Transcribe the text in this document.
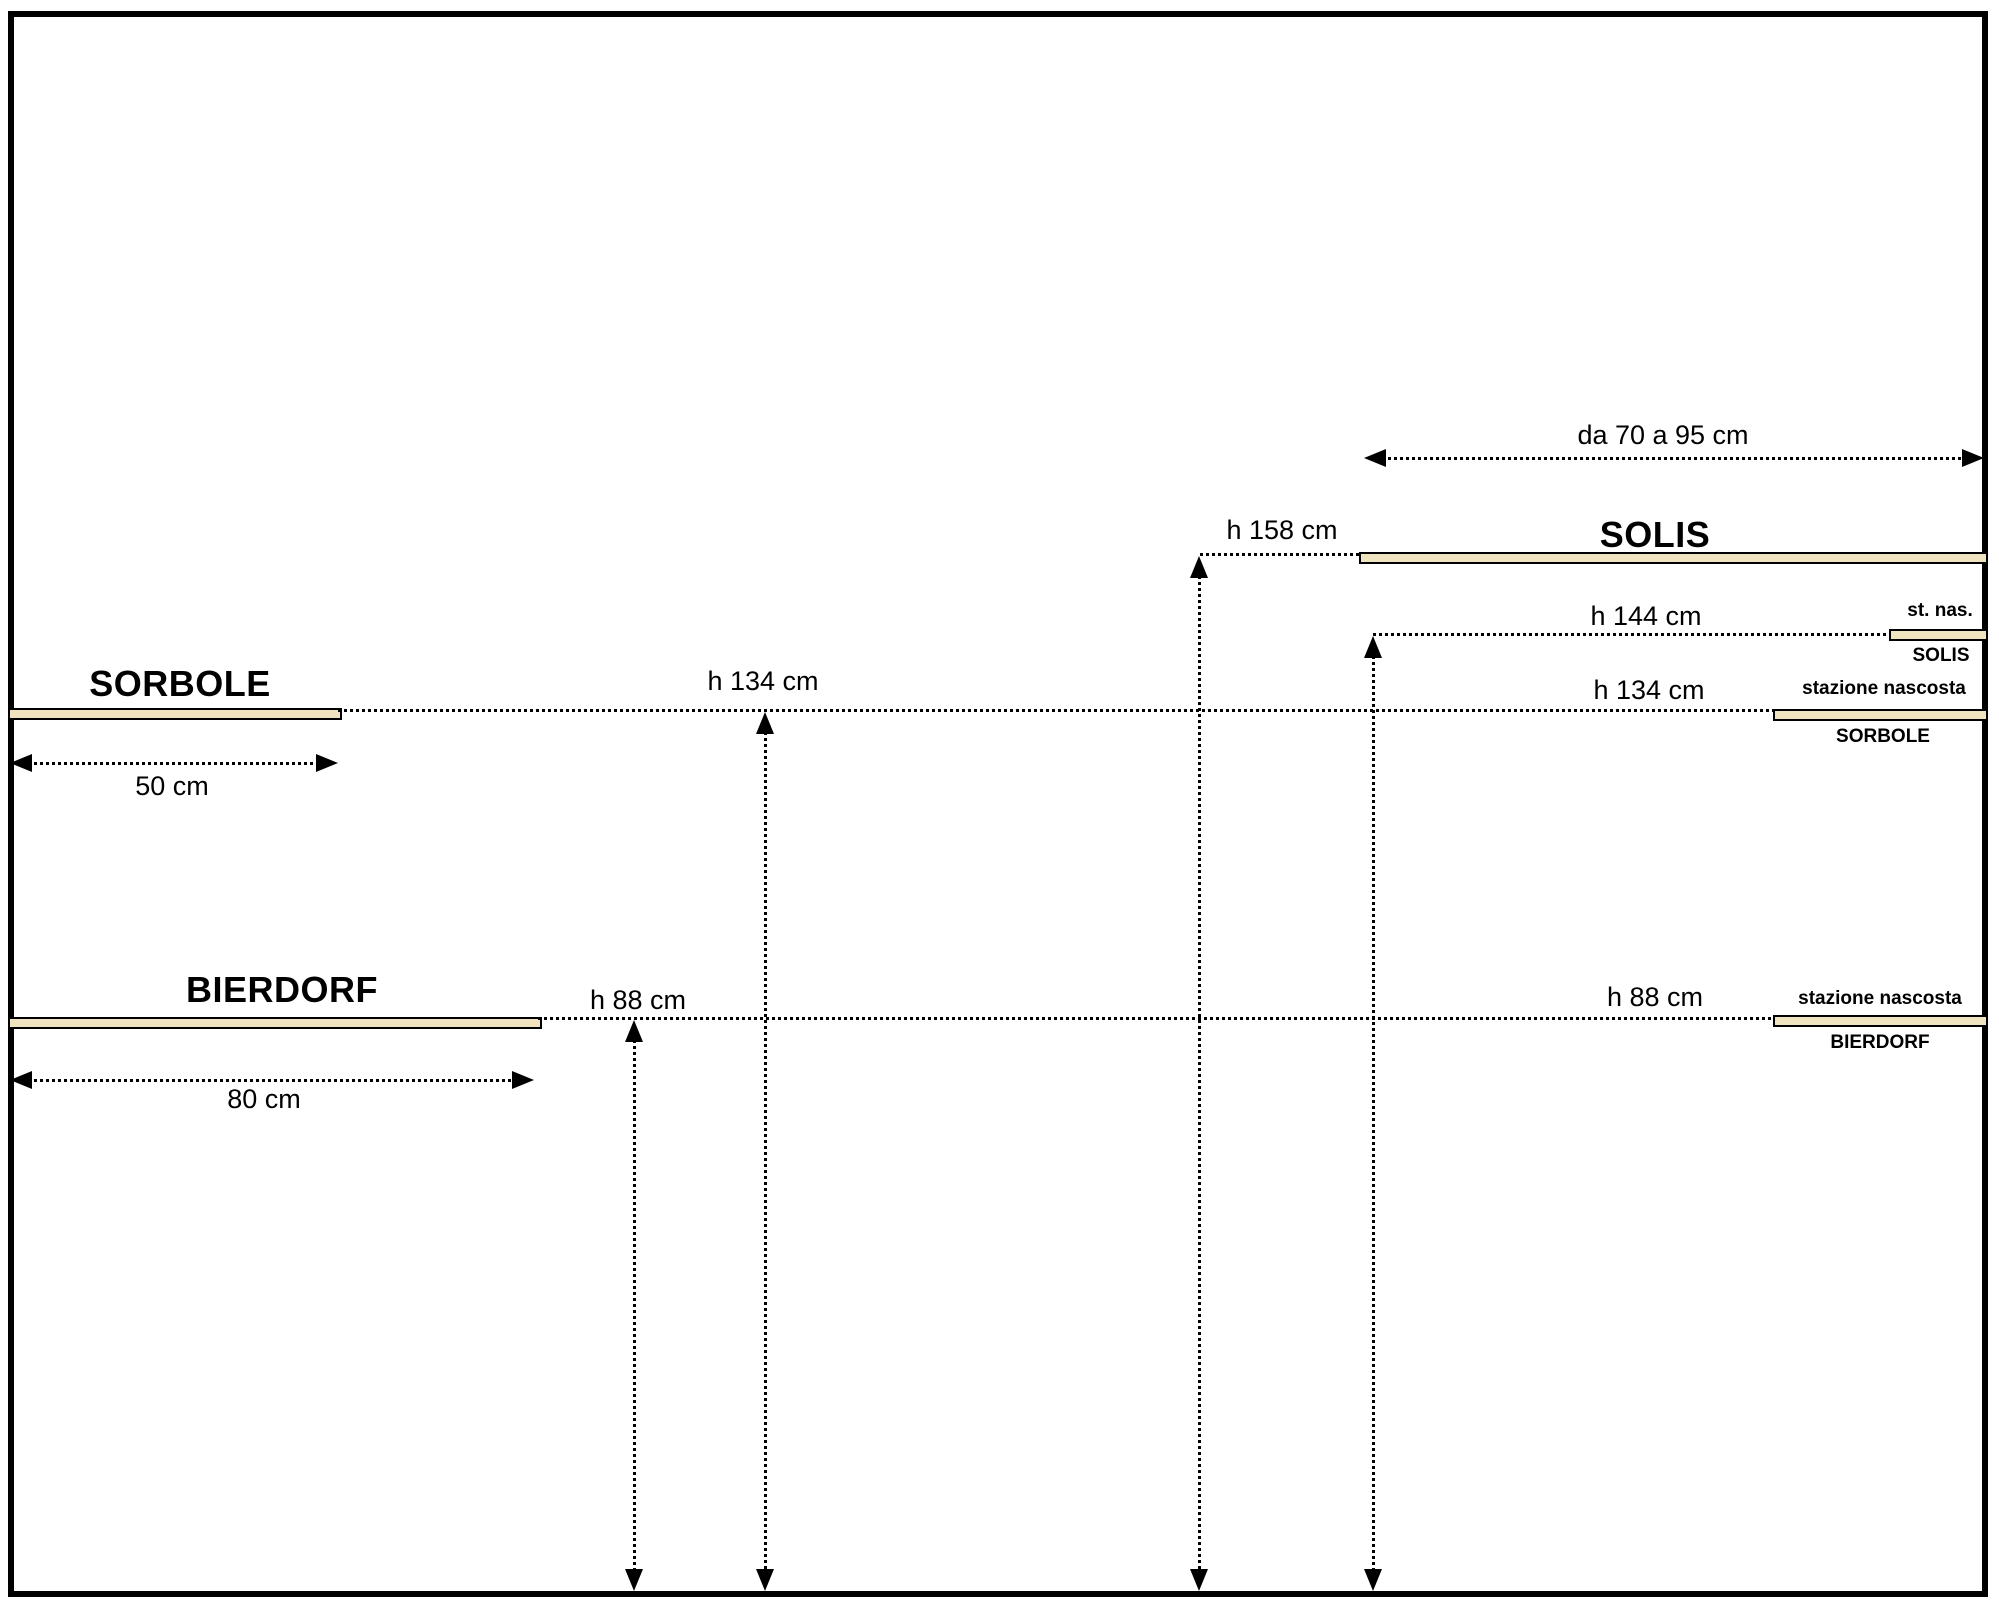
SORBOLE
BIERDORF
SOLIS
da 70 a 95 cm
h 158 cm
h 144 cm
h 134 cm	h 134 cm
50 cm
h 88 cm	h 88 cm
80 cm
st. nas.
SOLIS
stazione nascosta
SORBOLE
stazione nascosta
BIERDORF
